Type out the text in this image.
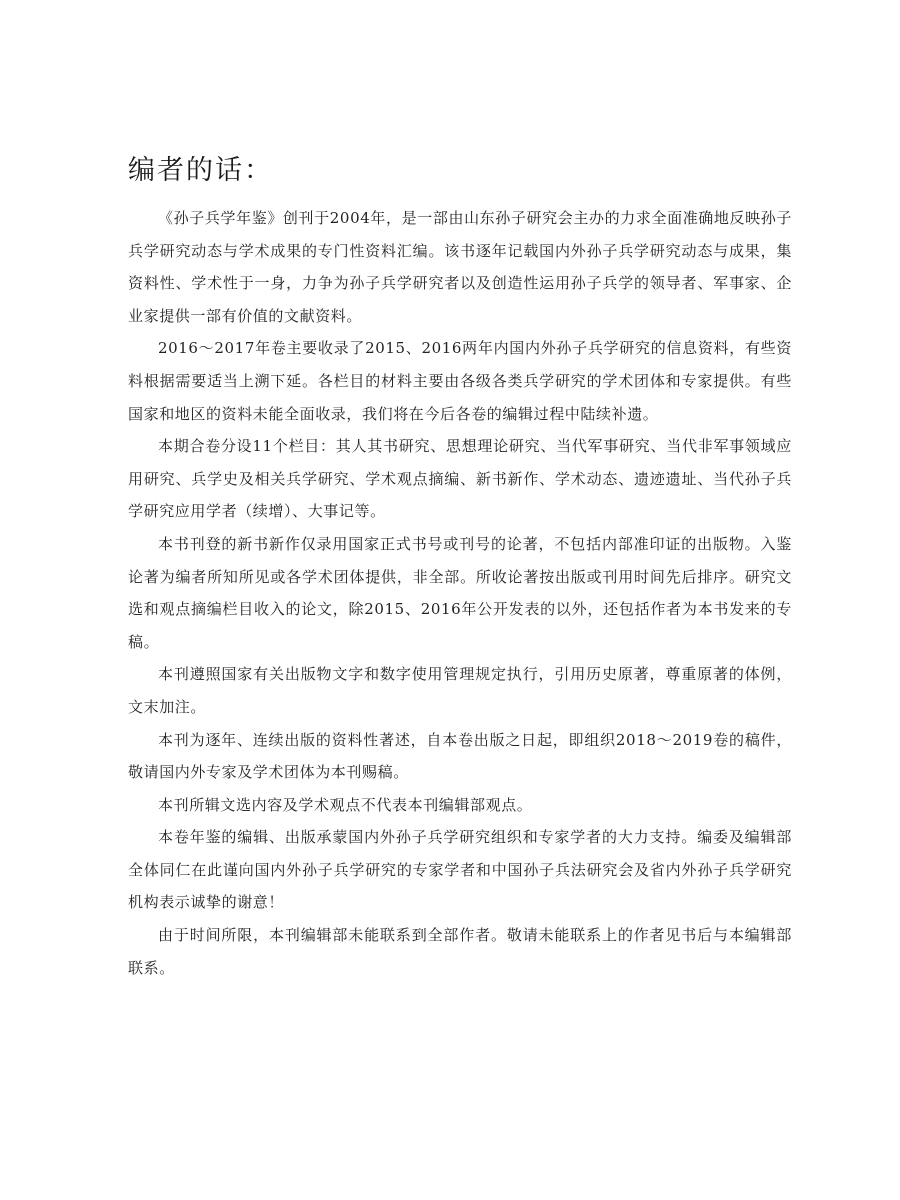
编者的话：

《孙子兵学年鉴》创刊于2004年，是一部由山东孙子研究会主办的力求全面准确地反映孙子兵学研究动态与学术成果的专门性资料汇编。该书逐年记载国内外孙子兵学研究动态与成果，集资料性、学术性于一身，力争为孙子兵学研究者以及创造性运用孙子兵学的领导者、军事家、企业家提供一部有价值的文献资料。

2016～2017年卷主要收录了2015、2016两年内国内外孙子兵学研究的信息资料，有些资料根据需要适当上溯下延。各栏目的材料主要由各级各类兵学研究的学术团体和专家提供。有些国家和地区的资料未能全面收录，我们将在今后各卷的编辑过程中陆续补遗。

本期合卷分设11个栏目：其人其书研究、思想理论研究、当代军事研究、当代非军事领域应用研究、兵学史及相关兵学研究、学术观点摘编、新书新作、学术动态、遗迹遗址、当代孙子兵学研究应用学者（续增）、大事记等。

本书刊登的新书新作仅录用国家正式书号或刊号的论著，不包括内部准印证的出版物。入鉴论著为编者所知所见或各学术团体提供，非全部。所收论著按出版或刊用时间先后排序。研究文选和观点摘编栏目收入的论文，除2015、2016年公开发表的以外，还包括作者为本书发来的专稿。

本刊遵照国家有关出版物文字和数字使用管理规定执行，引用历史原著，尊重原著的体例，文末加注。

本刊为逐年、连续出版的资料性著述，自本卷出版之日起，即组织2018～2019卷的稿件，敬请国内外专家及学术团体为本刊赐稿。

本刊所辑文选内容及学术观点不代表本刊编辑部观点。

本卷年鉴的编辑、出版承蒙国内外孙子兵学研究组织和专家学者的大力支持。编委及编辑部全体同仁在此谨向国内外孙子兵学研究的专家学者和中国孙子兵法研究会及省内外孙子兵学研究机构表示诚挚的谢意！

由于时间所限，本刊编辑部未能联系到全部作者。敬请未能联系上的作者见书后与本编辑部联系。
